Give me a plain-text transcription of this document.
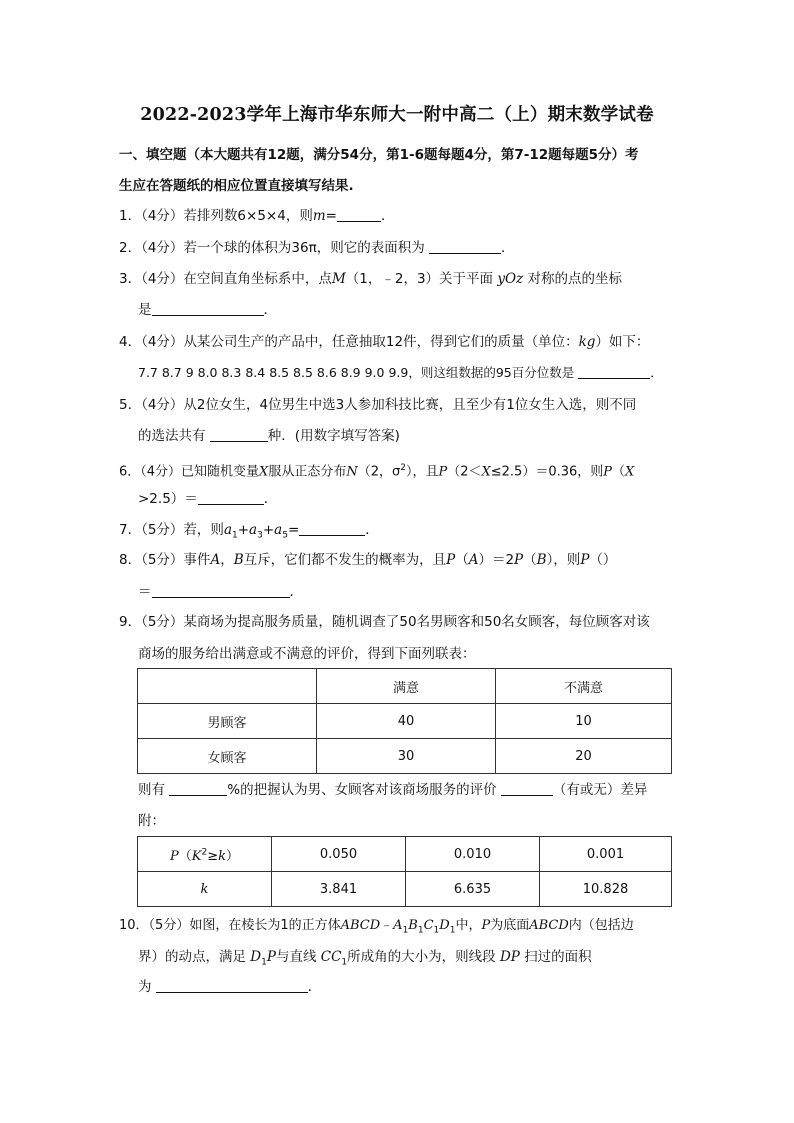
2022-2023学年上海市华东师大一附中高二（上）期末数学试卷
一、填空题（本大题共有12题，满分54分，第1-6题每题4分，第7-12题每题5分）考
生应在答题纸的相应位置直接填写结果.
1．（4分）若排列数6×5×4，则m=	．
2．（4分）若一个球的体积为36π，则它的表面积为	．
3．（4分）在空间直角坐标系中，点M（1，﹣2，3）关于平面 yOz 对称的点的坐标
是	．
4．（4分）从某公司生产的产品中，任意抽取12件，得到它们的质量（单位：kg）如下：
7.7 8.7 9 8.0 8.3 8.4 8.5 8.5 8.6 8.9 9.0 9.9，则这组数据的95百分位数是	．
5．（4分）从2位女生，4位男生中选3人参加科技比赛，且至少有1位女生入选，则不同
的选法共有	种．(用数字填写答案)
6．（4分）已知随机变量X服从正态分布N（2，$\sigma^2$），且P（2＜X≤2.5）＝0.36，则P（X
>2.5）＝	．
7．（5分）若，则$a_1+a_3+a_5=$	．
8．（5分）事件A，B互斥，它们都不发生的概率为，且P（A）＝2P（B），则P（）
＝	．
9．（5分）某商场为提高服务质量，随机调查了50名男顾客和50名女顾客，每位顾客对该
商场的服务给出满意或不满意的评价，得到下面列联表：
	满意	不满意
男顾客	40	10
女顾客	30	20
则有	%的把握认为男、女顾客对该商场服务的评价	（有或无）差异
附：
$P(K^2\ge k)$	0.050	0.010	0.001
k	3.841	6.635	10.828
10．（5分）如图，在棱长为1的正方体$ABCD﹣A_1B_1C_1D_1$中，P为底面ABCD内（包括边
界）的动点，满足 $D_1P$与直线 $CC_1$所成角的大小为，则线段 DP 扫过的面积
为	．
